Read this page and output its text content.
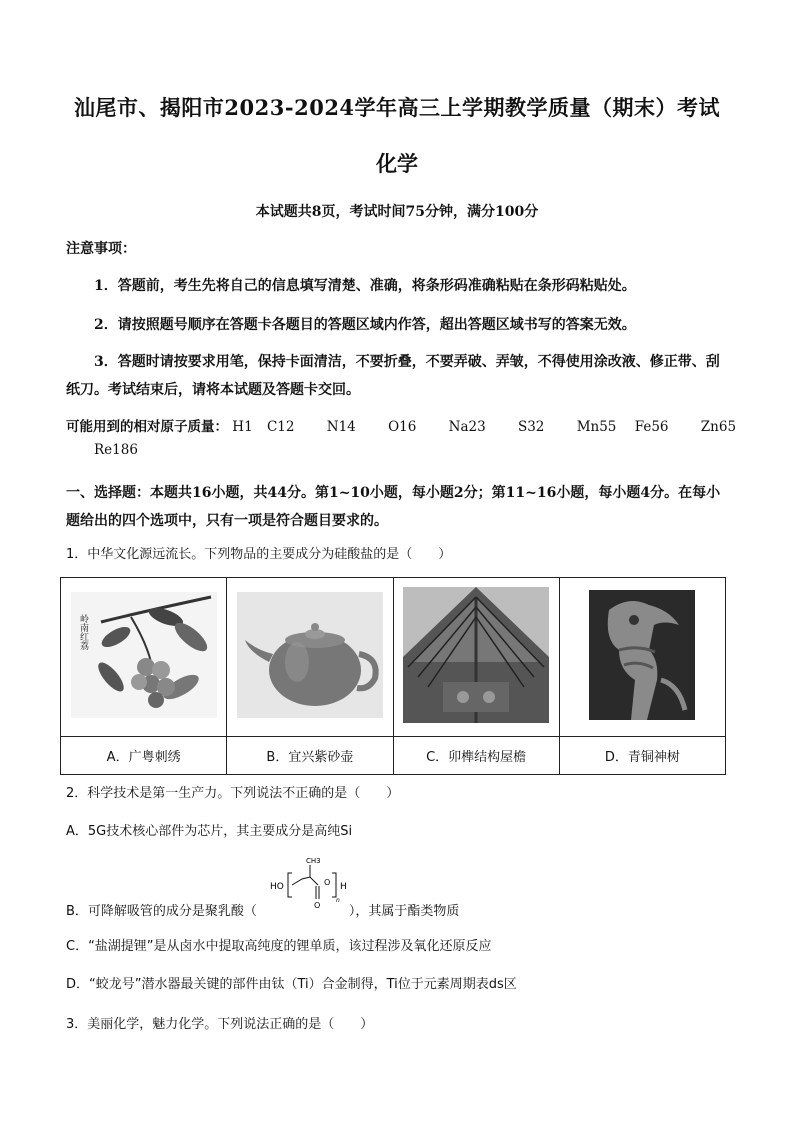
汕尾市、揭阳市2023-2024学年高三上学期教学质量（期末）考试
化学
本试题共8页，考试时间75分钟，满分100分
注意事项：
1．答题前，考生先将自己的信息填写清楚、准确，将条形码准确粘贴在条形码粘贴处。
2．请按照题号顺序在答题卡各题目的答题区域内作答，超出答题区域书写的答案无效。
3．答题时请按要求用笔，保持卡面清洁，不要折叠，不要弄破、弄皱，不得使用涂改液、修正带、刮纸刀。考试结束后，请将本试题及答题卡交回。
可能用到的相对原子质量： H1 C12 N14 O16 Na23 S32 Mn55 Fe56 Zn65
Re186
一、选择题：本题共16小题，共44分。第1~10小题，每小题2分；第11~16小题，每小题4分。在每小题给出的四个选项中，只有一项是符合题目要求的。
1．中华文化源远流长。下列物品的主要成分为硅酸盐的是（　　）
岭南红荔

A．广粤刺绣	B．宜兴紫砂壶	C．卯榫结构屋檐	D．青铜神树
2．科学技术是第一生产力。下列说法不正确的是（　　）
A．5G技术核心部件为芯片，其主要成分是高纯Si
B．可降解吸管的成分是聚乳酸（	），其属于酯类物质
CH3
HO
O
O
n
H
C．“盐湖提锂”是从卤水中提取高纯度的锂单质，该过程涉及氧化还原反应
D．“蛟龙号”潜水器最关键的部件由钛（Ti）合金制得，Ti位于元素周期表ds区
3．美丽化学，魅力化学。下列说法正确的是（　　）
